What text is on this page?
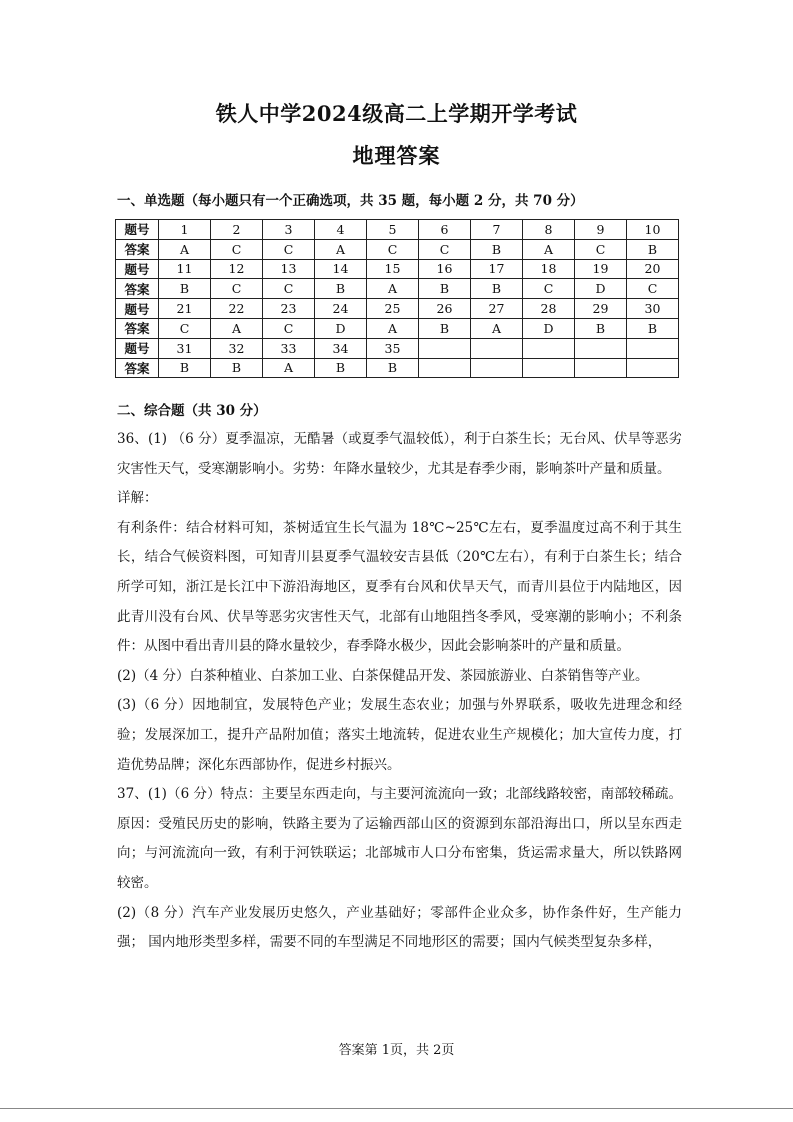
铁人中学2024级高二上学期开学考试
地理答案
一、单选题（每小题只有一个正确选项，共 35 题，每小题 2 分，共 70 分）
题号	1	2	3	4	5	6	7	8	9	10
答案	A	C	C	A	C	C	B	A	C	B
题号	11	12	13	14	15	16	17	18	19	20
答案	B	C	C	B	A	B	B	C	D	C
题号	21	22	23	24	25	26	27	28	29	30
答案	C	A	C	D	A	B	A	D	B	B
题号	31	32	33	34	35					
答案	B	B	A	B	B					
二、综合题（共 30 分）

36、(1) （6 分）夏季温凉，无酷暑（或夏季气温较低），利于白茶生长；无台风、伏旱等恶劣灾害性天气，受寒潮影响小。劣势：年降水量较少，尤其是春季少雨，影响茶叶产量和质量。

详解：

有利条件：结合材料可知，茶树适宜生长气温为 18℃~25℃左右，夏季温度过高不利于其生长，结合气候资料图，可知青川县夏季气温较安吉县低（20℃左右），有利于白茶生长；结合所学可知，浙江是长江中下游沿海地区，夏季有台风和伏旱天气，而青川县位于内陆地区，因此青川没有台风、伏旱等恶劣灾害性天气，北部有山地阻挡冬季风，受寒潮的影响小；不利条件：从图中看出青川县的降水量较少，春季降水极少，因此会影响茶叶的产量和质量。

(2)（4 分）白茶种植业、白茶加工业、白茶保健品开发、茶园旅游业、白茶销售等产业。

(3)（6 分）因地制宜，发展特色产业；发展生态农业；加强与外界联系，吸收先进理念和经验；发展深加工，提升产品附加值；落实土地流转，促进农业生产规模化；加大宣传力度，打造优势品牌；深化东西部协作，促进乡村振兴。

37、(1)（6 分）特点：主要呈东西走向，与主要河流流向一致；北部线路较密，南部较稀疏。原因：受殖民历史的影响，铁路主要为了运输西部山区的资源到东部沿海出口，所以呈东西走向；与河流流向一致，有利于河铁联运；北部城市人口分布密集，货运需求量大，所以铁路网较密。

(2)（8 分）汽车产业发展历史悠久，产业基础好；零部件企业众多，协作条件好，生产能力强； 国内地形类型多样，需要不同的车型满足不同地形区的需要；国内气候类型复杂多样，

答案第 1页，共 2页
